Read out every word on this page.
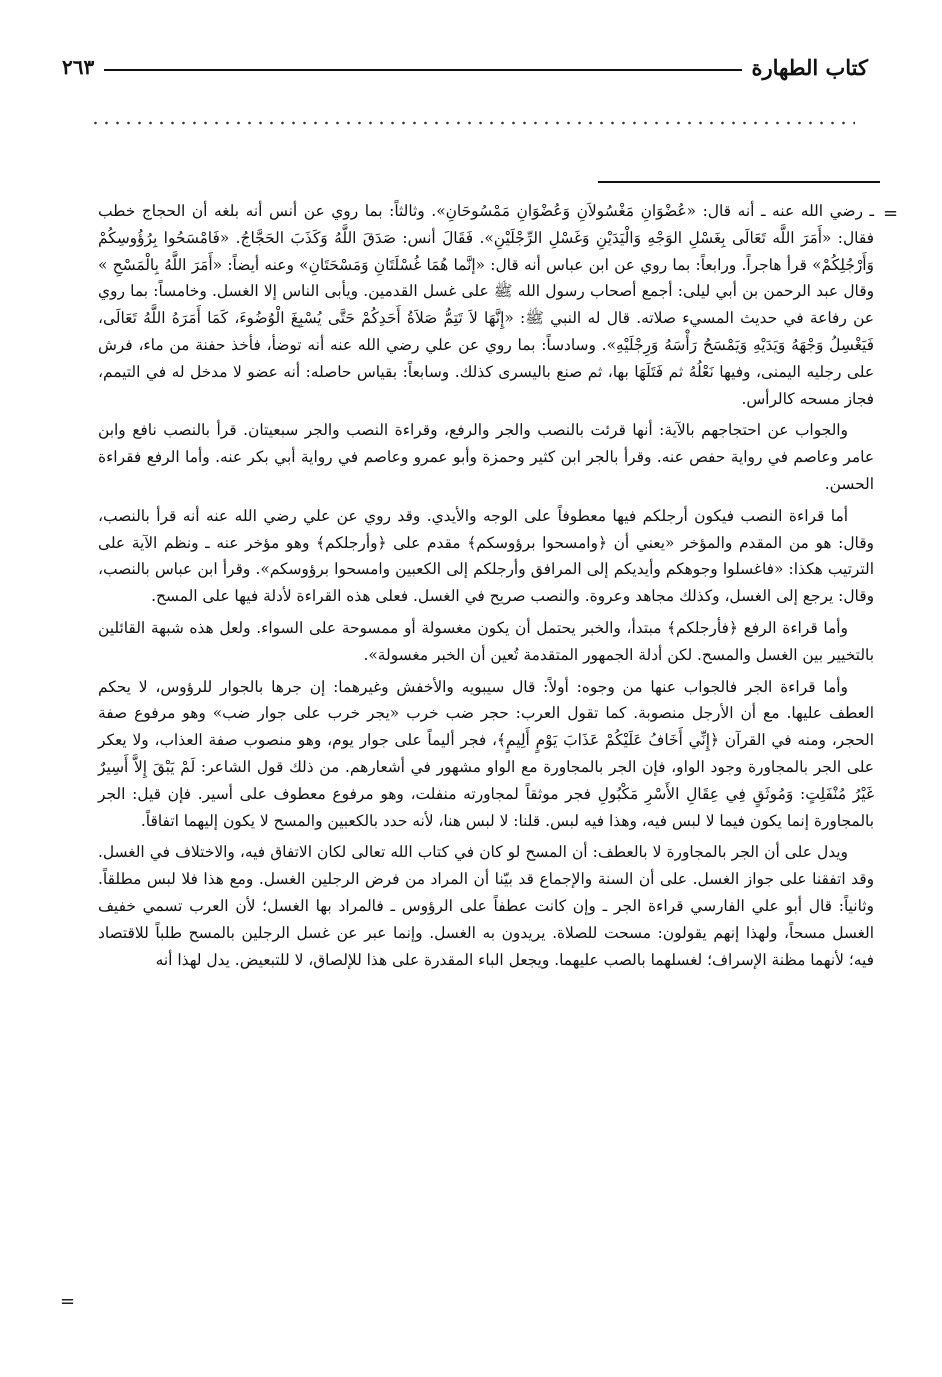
كتاب الطهارة
٢٦٣
=
=

ـ رضي الله عنه ـ أنه قال: «عُضْوَانِ مَغْسُولاَنِ وَعُضْوَانِ مَمْسُوحَانِ». وثالثاً: بما روي عن أنس أنه بلغه أن الحجاج خطب فقال: «أَمَرَ اللَّه تَعَالَى بِغَسْلِ الوَجْهِ وَالْيَدَيْنِ وَغَسْلِ الرِّجْلَيْنِ». فَقَالَ أنس: صَدَقَ اللَّهُ وَكَذَبَ الحَجَّاجُ. «فَامْسَحُوا بِرُؤُوسِكُمْ وَأَرْجُلِكُمْ» قرأ هاجراً. ورابعاً: بما روي عن ابن عباس أنه قال: «إنَّما هُمَا غُسْلَتَانِ وَمَسْحَتَانِ» وعنه أيضاً: «أَمَرَ اللَّهُ بِالْمَسْحِ » وقال عبد الرحمن بن أبي ليلى: أجمع أصحاب رسول الله ﷺ على غسل القدمين. ويأبى الناس إلا الغسل. وخامساً: بما روي عن رفاعة في حديث المسيء صلاته. قال له النبي ﷺ: «إِنَّهَا لاَ تَتِمُّ صَلاَةُ أَحَدِكُمْ حَتَّى يُسْبِغَ الْوُضُوءَ، كَمَا أَمَرَهُ اللَّهُ تَعَالَى، فَيَغْسِلُ وَجْهَهُ وَيَدَيْهِ وَيَمْسَحُ رَأْسَهُ وَرِجْلَيْهِ». وسادساً: بما روي عن علي رضي الله عنه أنه توضأ، فأخذ حفنة من ماء، فرش على رجليه اليمنى، وفيها نَعْلُهُ ثم فَتَلَهَا بها، ثم صنع باليسرى كذلك. وسابعاً: بقياس حاصله: أنه عضو لا مدخل له في التيمم، فجاز مسحه كالرأس.

والجواب عن احتجاجهم بالآية: أنها قرئت بالنصب والجر والرفع، وقراءة النصب والجر سبعيتان. قرأ بالنصب نافع وابن عامر وعاصم في رواية حفص عنه. وقرأ بالجر ابن كثير وحمزة وأبو عمرو وعاصم في رواية أبي بكر عنه. وأما الرفع فقراءة الحسن.

أما قراءة النصب فيكون أرجلكم فيها معطوفاً على الوجه والأيدي. وقد روي عن علي رضي الله عنه أنه قرأ بالنصب، وقال: هو من المقدم والمؤخر «يعني أن ﴿وامسحوا برؤوسكم﴾ مقدم على ﴿وأرجلكم﴾ وهو مؤخر عنه ـ ونظم الآية على الترتيب هكذا: «فاغسلوا وجوهكم وأيديكم إلى المرافق وأرجلكم إلى الكعبين وامسحوا برؤوسكم». وقرأ ابن عباس بالنصب، وقال: يرجع إلى الغسل، وكذلك مجاهد وعروة. والنصب صريح في الغسل. فعلى هذه القراءة لأدلة فيها على المسح.

وأما قراءة الرفع ﴿فأرجلكم﴾ مبتدأ، والخبر يحتمل أن يكون مغسولة أو ممسوحة على السواء. ولعل هذه شبهة القائلين بالتخيير بين الغسل والمسح. لكن أدلة الجمهور المتقدمة تُعين أن الخبر مغسولة».

وأما قراءة الجر فالجواب عنها من وجوه: أولاً: قال سيبويه والأخفش وغيرهما: إن جرها بالجوار للرؤوس، لا يحكم العطف عليها. مع أن الأرجل منصوبة. كما تقول العرب: حجر ضب خرب «يجر خرب على جوار ضب» وهو مرفوع صفة الحجر، ومنه في القرآن ﴿إِنِّي أَخَافُ عَلَيْكُمْ عَذَابَ يَوْمٍ أَلِيمٍ﴾، فجر أليماً على جوار يوم، وهو منصوب صفة العذاب، ولا يعكر على الجر بالمجاورة وجود الواو، فإن الجر بالمجاورة مع الواو مشهور في أشعارهم. من ذلك قول الشاعر: لَمْ يَبْقَ إِلاَّ أَسِيرٌ غَيْرُ مُنْفَلِتٍ: وَمُوثَقٍ فِي عِقَالِ الأَسْرِ مَكْبُولِ فجر موثقاً لمجاورته منفلت، وهو مرفوع معطوف على أسير. فإن قيل: الجر بالمجاورة إنما يكون فيما لا لبس فيه، وهذا فيه لبس. قلنا: لا لبس هنا، لأنه حدد بالكعبين والمسح لا يكون إليهما اتفاقاً.

ويدل على أن الجر بالمجاورة لا بالعطف: أن المسح لو كان في كتاب الله تعالى لكان الاتفاق فيه، والاختلاف في الغسل. وقد اتفقنا على جواز الغسل. على أن السنة والإجماع قد بيّنا أن المراد من فرض الرجلين الغسل. ومع هذا فلا لبس مطلقاً. وثانياً: قال أبو علي الفارسي قراءة الجر ـ وإن كانت عطفاً على الرؤوس ـ فالمراد بها الغسل؛ لأن العرب تسمي خفيف الغسل مسحاً، ولهذا إنهم يقولون: مسحت للصلاة. يريدون به الغسل. وإنما عبر عن غسل الرجلين بالمسح طلباً للاقتصاد فيه؛ لأنهما مظنة الإسراف؛ لغسلهما بالصب عليهما. ويجعل الباء المقدرة على هذا للإلصاق، لا للتبعيض. يدل لهذا أنه
